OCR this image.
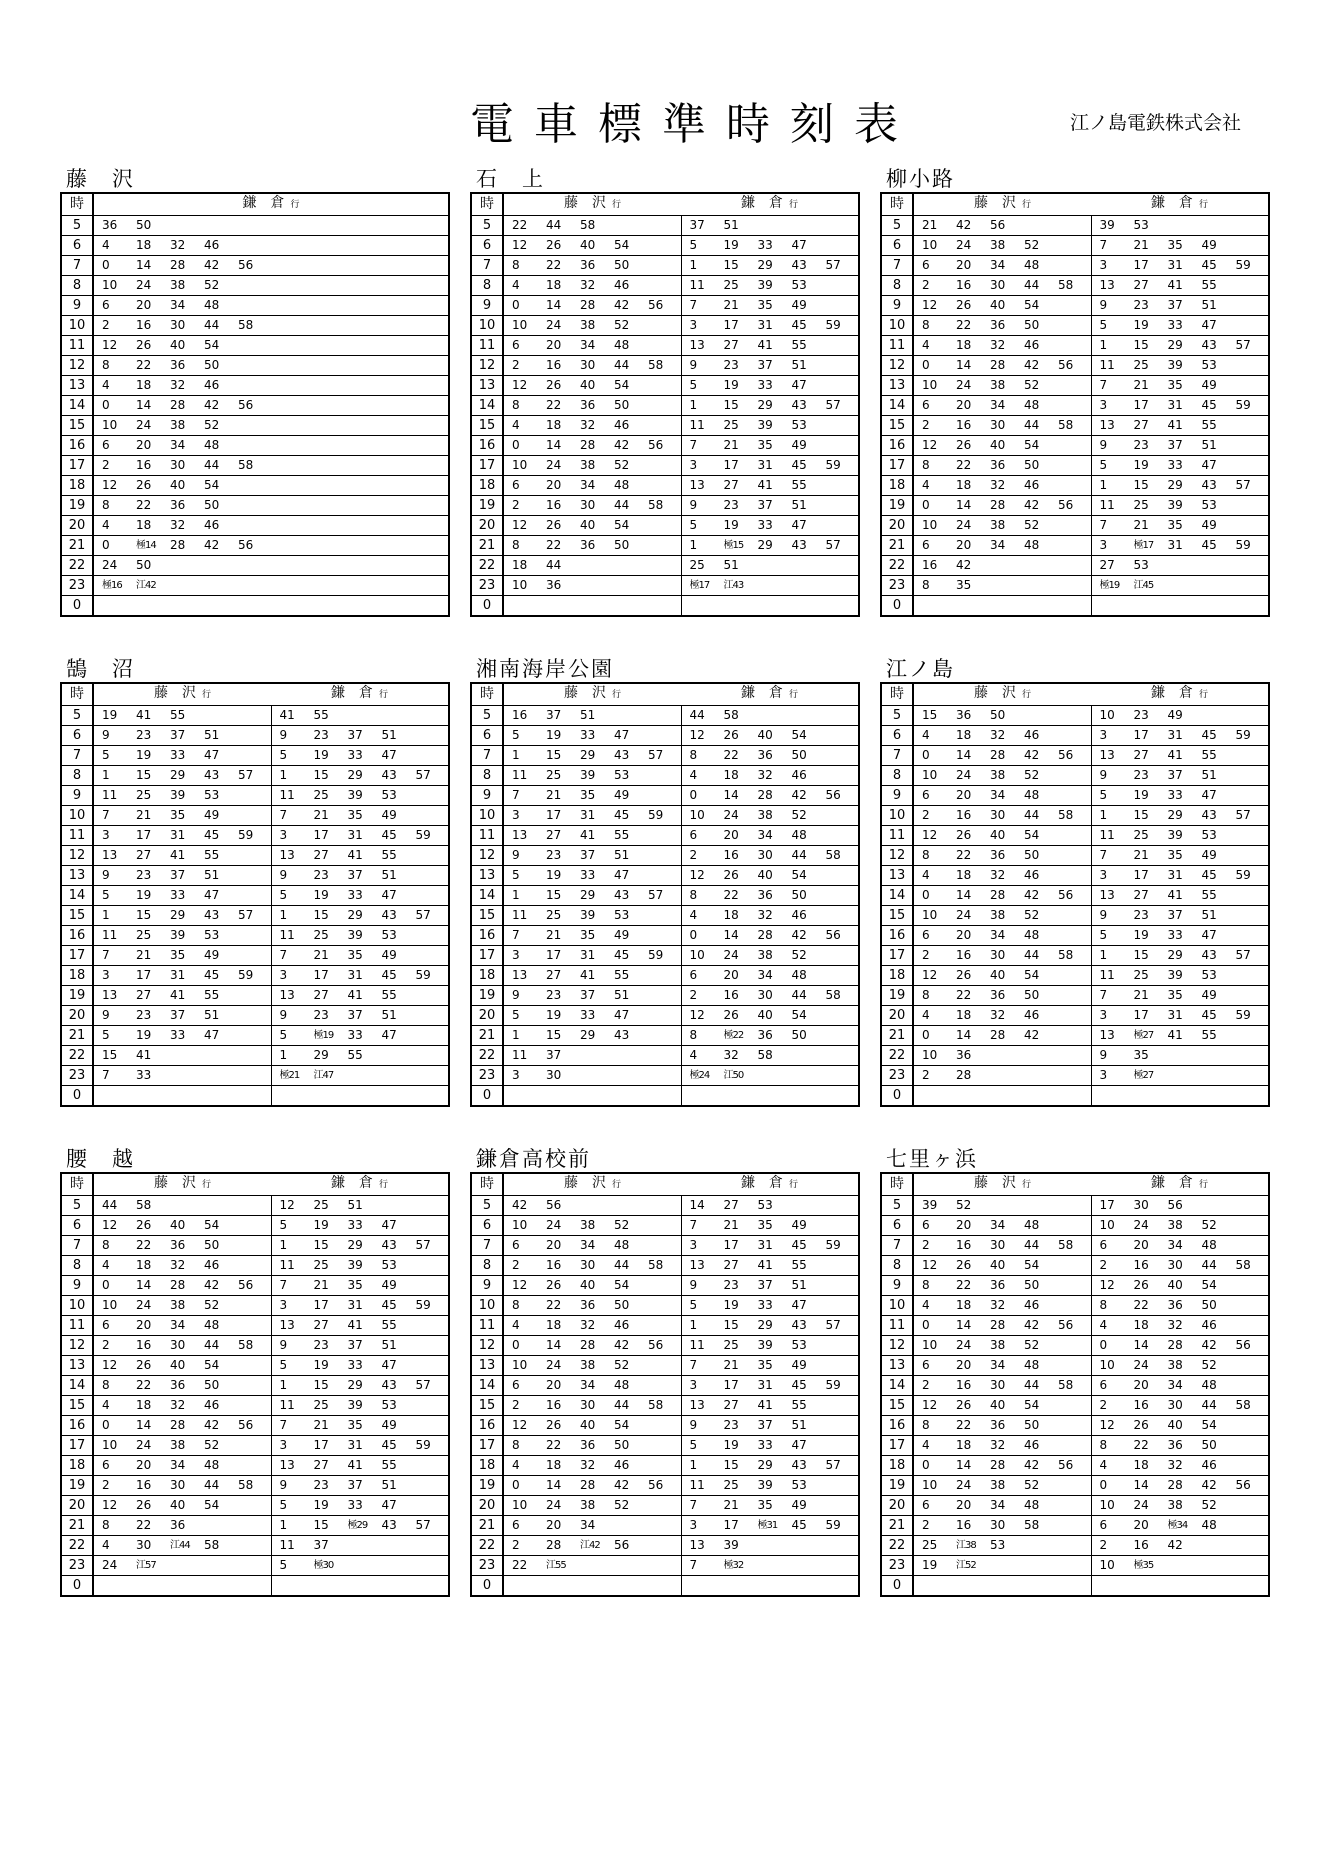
電車標準時刻表	江ノ島電鉄株式会社
藤　沢
時	鎌　倉 行
5	36 50

6	4 18 32 46

7	0 14 28 42 56

8	10 24 38 52

9	6 20 34 48

10	2 16 30 44 58

11	12 26 40 54

12	8 22 36 50

13	4 18 32 46

14	0 14 28 42 56

15	10 24 38 52

16	6 20 34 48

17	2 16 30 44 58

18	12 26 40 54

19	8 22 36 50

20	4 18 32 46

21	0 極14 28 42 56

22	24 50

23	極16 江42

0	
石　上
時	藤　沢 行	鎌　倉 行
5	22 44 58	37 51

6	12 26 40 54	5 19 33 47

7	8 22 36 50	1 15 29 43 57

8	4 18 32 46	11 25 39 53

9	0 14 28 42 56	7 21 35 49

10	10 24 38 52	3 17 31 45 59

11	6 20 34 48	13 27 41 55

12	2 16 30 44 58	9 23 37 51

13	12 26 40 54	5 19 33 47

14	8 22 36 50	1 15 29 43 57

15	4 18 32 46	11 25 39 53

16	0 14 28 42 56	7 21 35 49

17	10 24 38 52	3 17 31 45 59

18	6 20 34 48	13 27 41 55

19	2 16 30 44 58	9 23 37 51

20	12 26 40 54	5 19 33 47

21	8 22 36 50	1 極15 29 43 57

22	18 44	25 51

23	10 36	極17 江43

0	

柳小路
時	藤　沢 行	鎌　倉 行
5	21 42 56	39 53

6	10 24 38 52	7 21 35 49

7	6 20 34 48	3 17 31 45 59

8	2 16 30 44 58	13 27 41 55

9	12 26 40 54	9 23 37 51

10	8 22 36 50	5 19 33 47

11	4 18 32 46	1 15 29 43 57

12	0 14 28 42 56	11 25 39 53

13	10 24 38 52	7 21 35 49

14	6 20 34 48	3 17 31 45 59

15	2 16 30 44 58	13 27 41 55

16	12 26 40 54	9 23 37 51

17	8 22 36 50	5 19 33 47

18	4 18 32 46	1 15 29 43 57

19	0 14 28 42 56	11 25 39 53

20	10 24 38 52	7 21 35 49

21	6 20 34 48	3 極17 31 45 59

22	16 42	27 53

23	8 35	極19 江45

0	

鵠　沼
時	藤　沢 行	鎌　倉 行
5	19 41 55	41 55

6	9 23 37 51	9 23 37 51

7	5 19 33 47	5 19 33 47

8	1 15 29 43 57	1 15 29 43 57

9	11 25 39 53	11 25 39 53

10	7 21 35 49	7 21 35 49

11	3 17 31 45 59	3 17 31 45 59

12	13 27 41 55	13 27 41 55

13	9 23 37 51	9 23 37 51

14	5 19 33 47	5 19 33 47

15	1 15 29 43 57	1 15 29 43 57

16	11 25 39 53	11 25 39 53

17	7 21 35 49	7 21 35 49

18	3 17 31 45 59	3 17 31 45 59

19	13 27 41 55	13 27 41 55

20	9 23 37 51	9 23 37 51

21	5 19 33 47	5 極19 33 47

22	15 41	1 29 55

23	7 33	極21 江47

0	

湘南海岸公園
時	藤　沢 行	鎌　倉 行
5	16 37 51	44 58

6	5 19 33 47	12 26 40 54

7	1 15 29 43 57	8 22 36 50

8	11 25 39 53	4 18 32 46

9	7 21 35 49	0 14 28 42 56

10	3 17 31 45 59	10 24 38 52

11	13 27 41 55	6 20 34 48

12	9 23 37 51	2 16 30 44 58

13	5 19 33 47	12 26 40 54

14	1 15 29 43 57	8 22 36 50

15	11 25 39 53	4 18 32 46

16	7 21 35 49	0 14 28 42 56

17	3 17 31 45 59	10 24 38 52

18	13 27 41 55	6 20 34 48

19	9 23 37 51	2 16 30 44 58

20	5 19 33 47	12 26 40 54

21	1 15 29 43	8 極22 36 50

22	11 37	4 32 58

23	3 30	極24 江50

0	

江ノ島
時	藤　沢 行	鎌　倉 行
5	15 36 50	10 23 49

6	4 18 32 46	3 17 31 45 59

7	0 14 28 42 56	13 27 41 55

8	10 24 38 52	9 23 37 51

9	6 20 34 48	5 19 33 47

10	2 16 30 44 58	1 15 29 43 57

11	12 26 40 54	11 25 39 53

12	8 22 36 50	7 21 35 49

13	4 18 32 46	3 17 31 45 59

14	0 14 28 42 56	13 27 41 55

15	10 24 38 52	9 23 37 51

16	6 20 34 48	5 19 33 47

17	2 16 30 44 58	1 15 29 43 57

18	12 26 40 54	11 25 39 53

19	8 22 36 50	7 21 35 49

20	4 18 32 46	3 17 31 45 59

21	0 14 28 42	13 極27 41 55

22	10 36	9 35

23	2 28	3 極27

0	

腰　越
時	藤　沢 行	鎌　倉 行
5	44 58	12 25 51

6	12 26 40 54	5 19 33 47

7	8 22 36 50	1 15 29 43 57

8	4 18 32 46	11 25 39 53

9	0 14 28 42 56	7 21 35 49

10	10 24 38 52	3 17 31 45 59

11	6 20 34 48	13 27 41 55

12	2 16 30 44 58	9 23 37 51

13	12 26 40 54	5 19 33 47

14	8 22 36 50	1 15 29 43 57

15	4 18 32 46	11 25 39 53

16	0 14 28 42 56	7 21 35 49

17	10 24 38 52	3 17 31 45 59

18	6 20 34 48	13 27 41 55

19	2 16 30 44 58	9 23 37 51

20	12 26 40 54	5 19 33 47

21	8 22 36	1 15 極29 43 57

22	4 30 江44 58	11 37

23	24 江57	5 極30

0	

鎌倉高校前
時	藤　沢 行	鎌　倉 行
5	42 56	14 27 53

6	10 24 38 52	7 21 35 49

7	6 20 34 48	3 17 31 45 59

8	2 16 30 44 58	13 27 41 55

9	12 26 40 54	9 23 37 51

10	8 22 36 50	5 19 33 47

11	4 18 32 46	1 15 29 43 57

12	0 14 28 42 56	11 25 39 53

13	10 24 38 52	7 21 35 49

14	6 20 34 48	3 17 31 45 59

15	2 16 30 44 58	13 27 41 55

16	12 26 40 54	9 23 37 51

17	8 22 36 50	5 19 33 47

18	4 18 32 46	1 15 29 43 57

19	0 14 28 42 56	11 25 39 53

20	10 24 38 52	7 21 35 49

21	6 20 34	3 17 極31 45 59

22	2 28 江42 56	13 39

23	22 江55	7 極32

0	

七里ヶ浜
時	藤　沢 行	鎌　倉 行
5	39 52	17 30 56

6	6 20 34 48	10 24 38 52

7	2 16 30 44 58	6 20 34 48

8	12 26 40 54	2 16 30 44 58

9	8 22 36 50	12 26 40 54

10	4 18 32 46	8 22 36 50

11	0 14 28 42 56	4 18 32 46

12	10 24 38 52	0 14 28 42 56

13	6 20 34 48	10 24 38 52

14	2 16 30 44 58	6 20 34 48

15	12 26 40 54	2 16 30 44 58

16	8 22 36 50	12 26 40 54

17	4 18 32 46	8 22 36 50

18	0 14 28 42 56	4 18 32 46

19	10 24 38 52	0 14 28 42 56

20	6 20 34 48	10 24 38 52

21	2 16 30 58	6 20 極34 48

22	25 江38 53	2 16 42

23	19 江52	10 極35

0	
